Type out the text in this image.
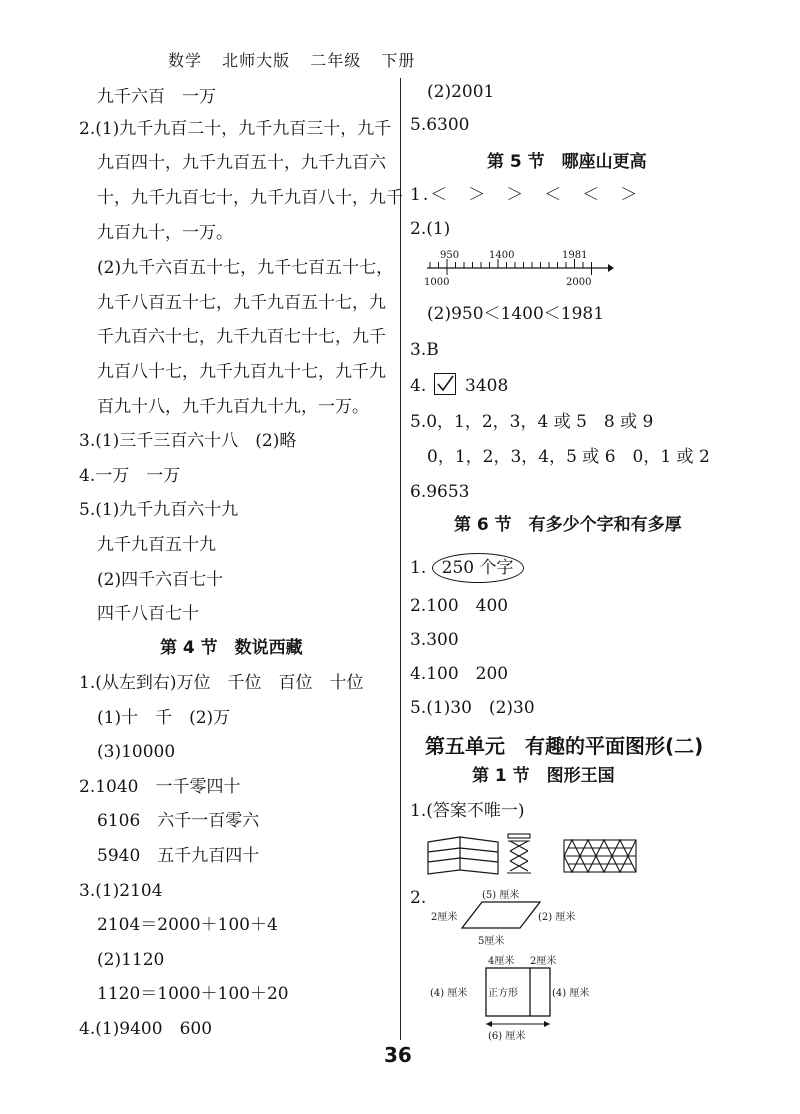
数学 北师大版 二年级 下册
九千六百　一万
2.(1)九千九百二十，九千九百三十，九千
九百四十，九千九百五十，九千九百六
十，九千九百七十，九千九百八十，九千
九百九十，一万。
(2)九千六百五十七，九千七百五十七，
九千八百五十七，九千九百五十七，九
千九百六十七，九千九百七十七，九千
九百八十七，九千九百九十七，九千九
百九十八，九千九百九十九，一万。
3.(1)三千三百六十八　(2)略
4.一万　一万
5.(1)九千九百六十九
九千九百五十九
(2)四千六百七十
四千八百七十
第 4 节　数说西藏
1.(从左到右)万位　千位　百位　十位
(1)十　千　(2)万
(3)10000
2.1040　一千零四十
6106　六千一百零六
5940　五千九百四十
3.(1)2104
2104＝2000＋100＋4
(2)1120
1120＝1000＋100＋20
4.(1)9400　600
(2)2001
5.6300
第 5 节　哪座山更高
1.＜　＞　＞　＜　＜　＞
2.(1)
950	1400	1981
1000	2000
(2)950＜1400＜1981
3.B
4. 3408
5.0，1，2，3，4 或 5　8 或 9
0，1，2，3，4，5 或 6　0，1 或 2
6.9653
第 6 节　有多少个字和有多厚
1. 250 个字
2.100　400
3.300
4.100　200
5.(1)30　(2)30
第五单元　有趣的平面图形(二)
第 1 节　图形王国
1.(答案不唯一)
2.	(5) 厘米
2厘米	(2) 厘米
5厘米
4厘米 2厘米
(4) 厘米	(4) 厘米
正方形
(6) 厘米
36
